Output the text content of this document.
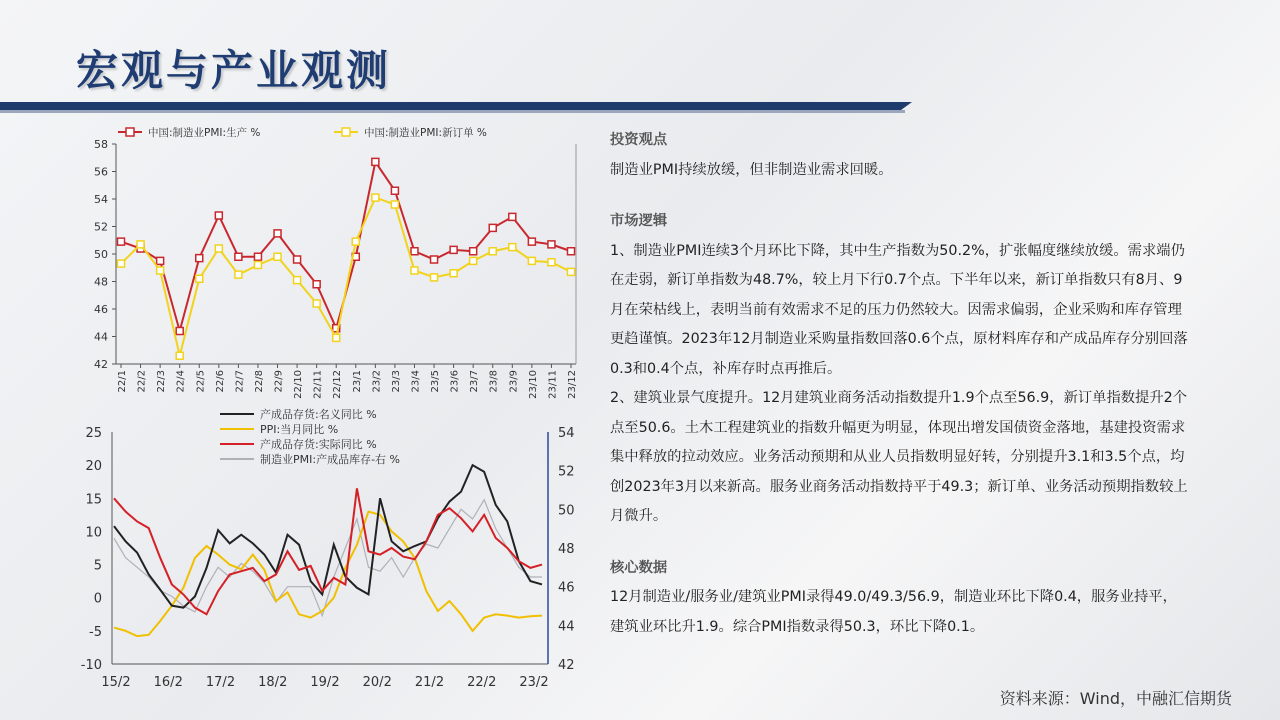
宏观与产业观测
42
44
46
48
50
52
54
56
58
22/1 22/2 22/3 22/4 22/5 22/6 22/7 22/8 22/9 22/10 22/11 22/12 23/1 23/2 23/3 23/4 23/5 23/6 23/7 23/8 23/9 23/10 23/11 23/12
中国:制造业PMI:生产 %	中国:制造业PMI:新订单 %
-10
-5
0
5
10
15
20
25
42
44
46
48
50
52
54
15/2 16/2 17/2 18/2 19/2 20/2 21/2 22/2 23/2
产成品存货:名义同比 %
PPI:当月同比 %
产成品存货:实际同比 %
制造业PMI:产成品库存-右 %
投资观点
制造业PMI持续放缓，但非制造业需求回暖。
市场逻辑
1、制造业PMI连续3个月环比下降，其中生产指数为50.2%，扩张幅度继续放缓。需求端仍在走弱，新订单指数为48.7%，较上月下行0.7个点。下半年以来，新订单指数只有8月、9月在荣枯线上，表明当前有效需求不足的压力仍然较大。因需求偏弱，企业采购和库存管理更趋谨慎。2023年12月制造业采购量指数回落0.6个点，原材料库存和产成品库存分别回落0.3和0.4个点，补库存时点再推后。
2、建筑业景气度提升。12月建筑业商务活动指数提升1.9个点至56.9，新订单指数提升2个点至50.6。土木工程建筑业的指数升幅更为明显，体现出增发国债资金落地，基建投资需求集中释放的拉动效应。业务活动预期和从业人员指数明显好转，分别提升3.1和3.5个点，均创2023年3月以来新高。服务业商务活动指数持平于49.3；新订单、业务活动预期指数较上月微升。
核心数据
12月制造业/服务业/建筑业PMI录得49.0/49.3/56.9，制造业环比下降0.4，服务业持平，建筑业环比升1.9。综合PMI指数录得50.3，环比下降0.1。
资料来源：Wind，中融汇信期货
